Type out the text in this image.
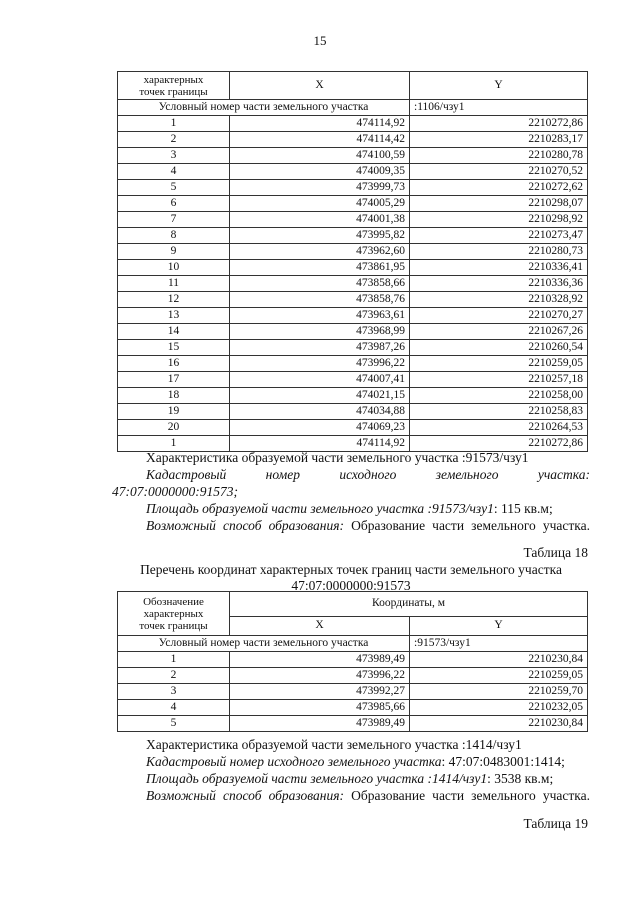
15
характерных
точек границы	X	Y
Условный номер части земельного участка		:1106/чзу1
1	474114,92	2210272,86
2	474114,42	2210283,17
3	474100,59	2210280,78
4	474009,35	2210270,52
5	473999,73	2210272,62
6	474005,29	2210298,07
7	474001,38	2210298,92
8	473995,82	2210273,47
9	473962,60	2210280,73
10	473861,95	2210336,41
11	473858,66	2210336,36
12	473858,76	2210328,92
13	473963,61	2210270,27
14	473968,99	2210267,26
15	473987,26	2210260,54
16	473996,22	2210259,05
17	474007,41	2210257,18
18	474021,15	2210258,00
19	474034,88	2210258,83
20	474069,23	2210264,53
1	474114,92	2210272,86
Характеристика образуемой части земельного участка :91573/чзу1
Кадастровый номер исходного земельного участка:
47:07:0000000:91573;
Площадь образуемой части земельного участка :91573/чзу1: 115 кв.м;
Возможный способ образования: Образование части земельного участка.
Таблица 18
Перечень координат характерных точек границ части земельного участка 47:07:0000000:91573
Обозначение
характерных
точек границы	Координаты, м	
	X	Y
Условный номер части земельного участка		:91573/чзу1
1	473989,49	2210230,84
2	473996,22	2210259,05
3	473992,27	2210259,70
4	473985,66	2210232,05
5	473989,49	2210230,84
Характеристика образуемой части земельного участка :1414/чзу1
Кадастровый номер исходного земельного участка: 47:07:0483001:1414;
Площадь образуемой части земельного участка :1414/чзу1: 3538 кв.м;
Возможный способ образования: Образование части земельного участка.
Таблица 19
